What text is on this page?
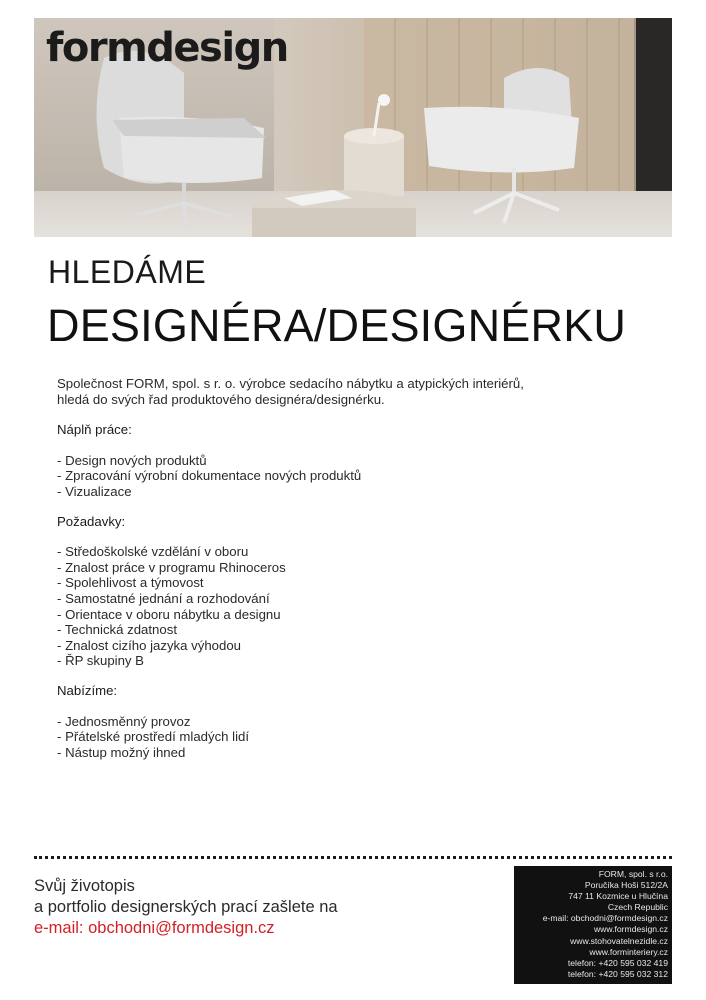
formdesign
HLEDÁME
DESIGNÉRA/DESIGNÉRKU

Společnost FORM, spol. s r. o. výrobce sedacího nábytku a atypických interiérů,

hledá do svých řad produktového designéra/designérku.

Náplň práce:

- Design nových produktů
- Zpracování výrobní dokumentace nových produktů
- Vizualizace

Požadavky:

- Středoškolské vzdělání v oboru
- Znalost práce v programu Rhinoceros
- Spolehlivost a týmovost
- Samostatné jednání a rozhodování
- Orientace v oboru nábytku a designu
- Technická zdatnost
- Znalost cizího jazyka výhodou
- ŘP skupiny B

Nabízíme:

- Jednosměnný provoz
- Přátelské prostředí mladých lidí
- Nástup možný ihned
Svůj životopis
a portfolio designerských prací zašlete na
e-mail: obchodni@formdesign.cz
FORM, spol. s r.o.
Poručíka Hoši 512/2A
747 11 Kozmice u Hlučína
Czech Republic
e-mail: obchodni@formdesign.cz
www.formdesign.cz
www.stohovatelnezidle.cz
www.forminteriery.cz
telefon: +420 595 032 419
telefon: +420 595 032 312
